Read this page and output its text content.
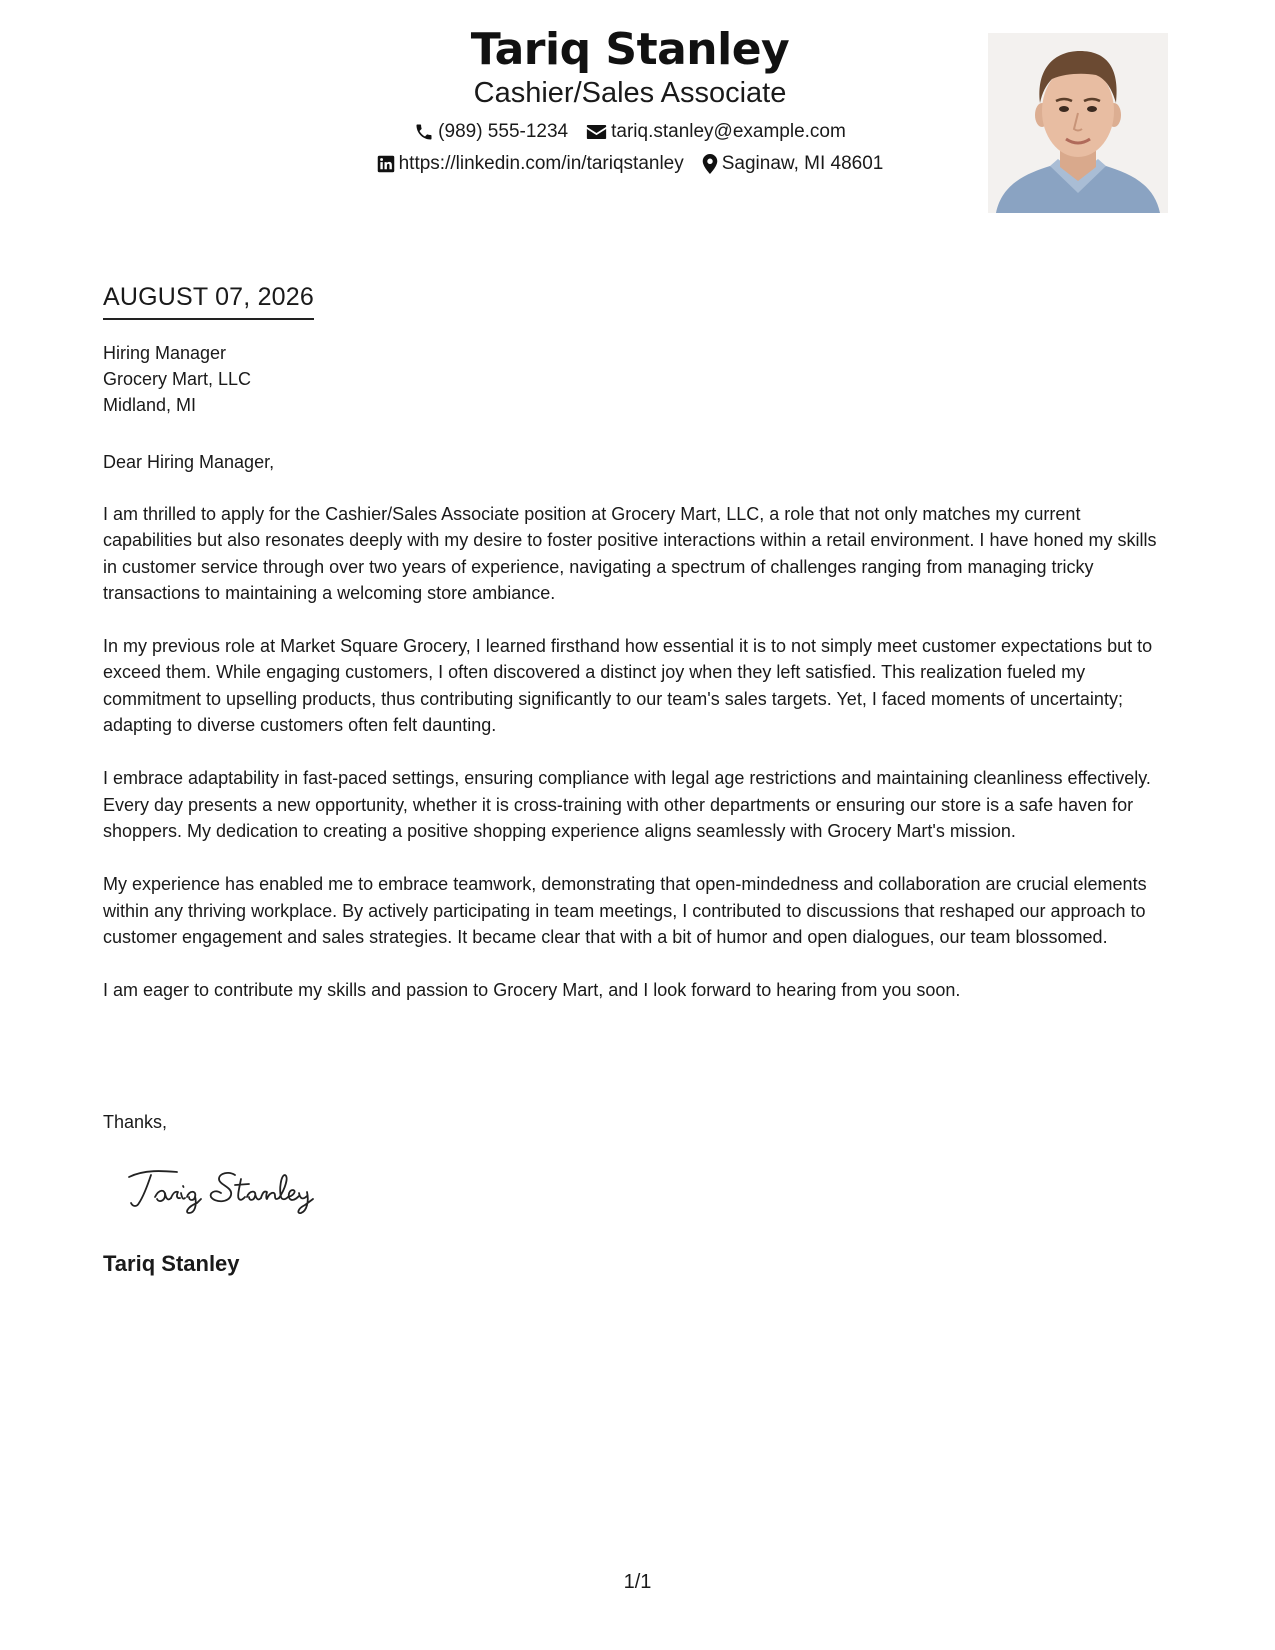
Tariq Stanley
Cashier/Sales Associate
(989) 555-1234 tariq.stanley@example.com
https://linkedin.com/in/tariqstanley Saginaw, MI 48601
AUGUST 07, 2026
Hiring Manager
Grocery Mart, LLC
Midland, MI
Dear Hiring Manager,

I am thrilled to apply for the Cashier/Sales Associate position at Grocery Mart, LLC, a role that not only matches my current capabilities but also resonates deeply with my desire to foster positive interactions within a retail environment. I have honed my skills in customer service through over two years of experience, navigating a spectrum of challenges ranging from managing tricky transactions to maintaining a welcoming store ambiance.

In my previous role at Market Square Grocery, I learned firsthand how essential it is to not simply meet customer expectations but to exceed them. While engaging customers, I often discovered a distinct joy when they left satisfied. This realization fueled my commitment to upselling products, thus contributing significantly to our team's sales targets. Yet, I faced moments of uncertainty; adapting to diverse customers often felt daunting.

I embrace adaptability in fast-paced settings, ensuring compliance with legal age restrictions and maintaining cleanliness effectively. Every day presents a new opportunity, whether it is cross-training with other departments or ensuring our store is a safe haven for shoppers. My dedication to creating a positive shopping experience aligns seamlessly with Grocery Mart's mission.

My experience has enabled me to embrace teamwork, demonstrating that open-mindedness and collaboration are crucial elements within any thriving workplace. By actively participating in team meetings, I contributed to discussions that reshaped our approach to customer engagement and sales strategies. It became clear that with a bit of humor and open dialogues, our team blossomed.

I am eager to contribute my skills and passion to Grocery Mart, and I look forward to hearing from you soon.

Thanks,
Tariq Stanley
1/1
